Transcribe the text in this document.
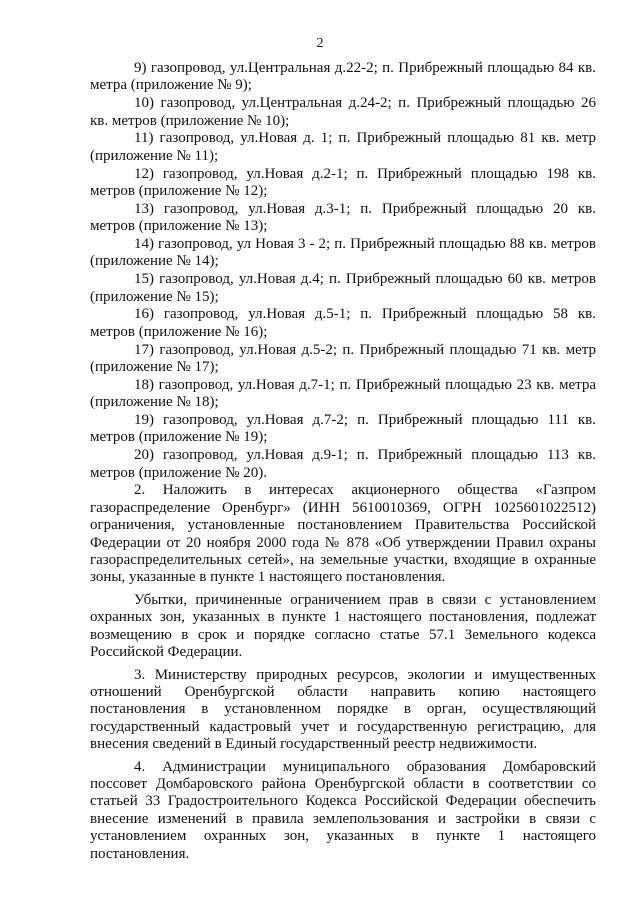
2

9) газопровод, ул.Центральная д.22-2; п. Прибрежный площадью 84 кв. метра (приложение № 9);

10) газопровод, ул.Центральная д.24-2; п. Прибрежный площадью 26 кв. метров (приложение № 10);

11) газопровод, ул.Новая д. 1; п. Прибрежный площадью 81 кв. метр (приложение № 11);

12) газопровод, ул.Новая д.2-1; п. Прибрежный площадью 198 кв. метров (приложение № 12);

13) газопровод, ул.Новая д.3-1; п. Прибрежный площадью 20 кв. метров (приложение № 13);

14) газопровод, ул Новая 3 - 2; п. Прибрежный площадью 88 кв. метров (приложение № 14);

15) газопровод, ул.Новая д.4; п. Прибрежный площадью 60 кв. метров (приложение № 15);

16) газопровод, ул.Новая д.5-1; п. Прибрежный площадью 58 кв. метров (приложение № 16);

17) газопровод, ул.Новая д.5-2; п. Прибрежный площадью 71 кв. метр (приложение № 17);

18) газопровод, ул.Новая д.7-1; п. Прибрежный площадью 23 кв. метра (приложение № 18);

19) газопровод, ул.Новая д.7-2; п. Прибрежный площадью 111 кв. метров (приложение № 19);

20) газопровод, ул.Новая д.9-1; п. Прибрежный площадью 113 кв. метров (приложение № 20).

2. Наложить в интересах акционерного общества «Газпром газораспределение Оренбург» (ИНН 5610010369, ОГРН 1025601022512) ограничения, установленные постановлением Правительства Российской Федерации от 20 ноября 2000 года № 878 «Об утверждении Правил охраны газораспределительных сетей», на земельные участки, входящие в охранные зоны, указанные в пункте 1 настоящего постановления.

Убытки, причиненные ограничением прав в связи с установлением охранных зон, указанных в пункте 1 настоящего постановления, подлежат возмещению в срок и порядке согласно статье 57.1 Земельного кодекса Российской Федерации.

3. Министерству природных ресурсов, экологии и имущественных отношений Оренбургской области направить копию настоящего постановления в установленном порядке в орган, осуществляющий государственный кадастровый учет и государственную регистрацию, для внесения сведений в Единый государственный реестр недвижимости.

4. Администрации муниципального образования Домбаровский поссовет Домбаровского района Оренбургской области в соответствии со статьей 33 Градостроительного Кодекса Российской Федерации обеспечить внесение изменений в правила землепользования и застройки в связи с установлением охранных зон, указанных в пункте 1 настоящего постановления.
